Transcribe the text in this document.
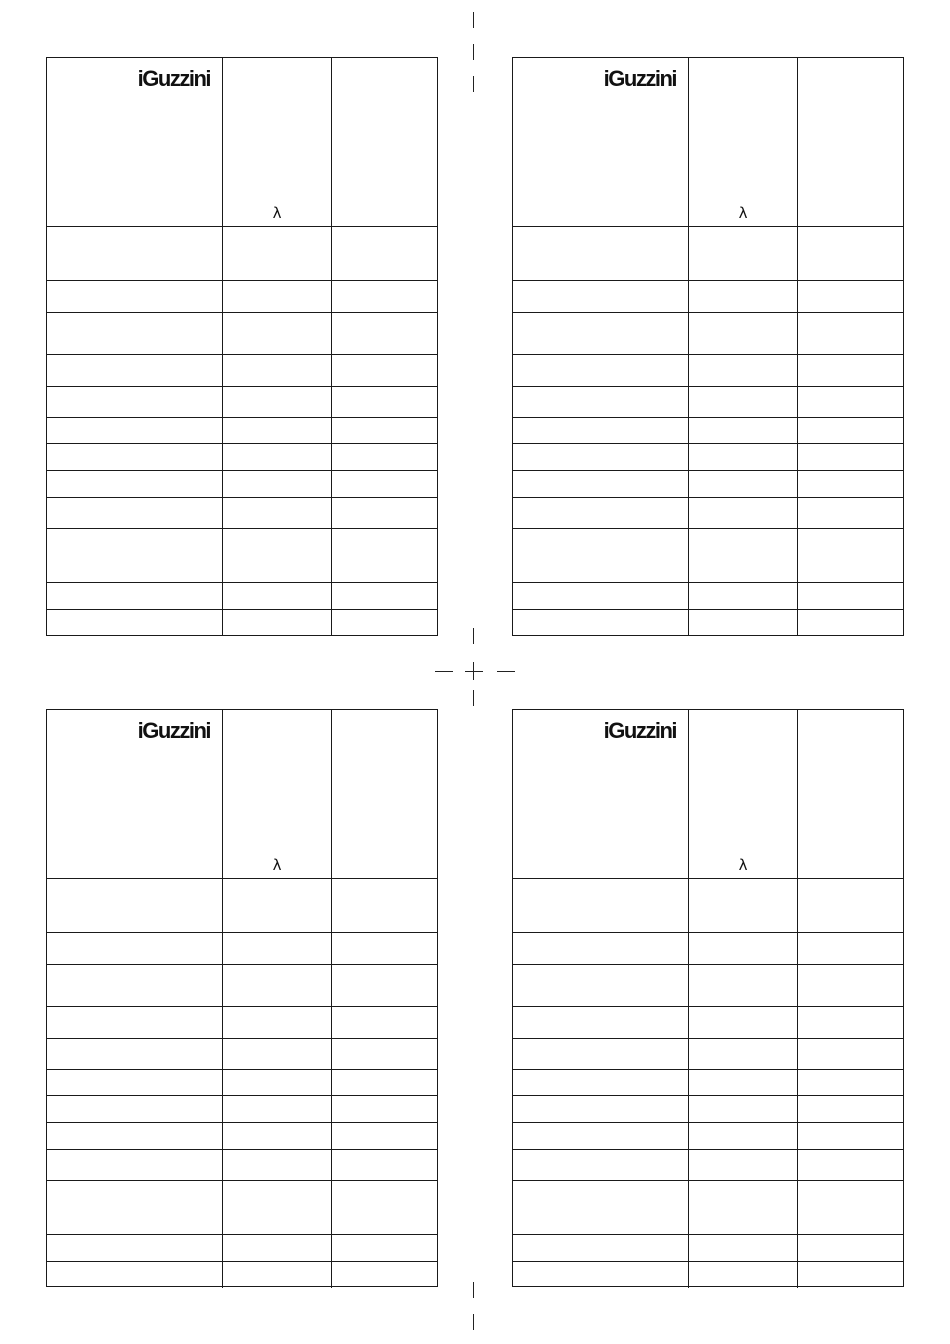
iGuzzini	λ	

iGuzzini	λ	

iGuzzini	λ	

iGuzzini	λ	
